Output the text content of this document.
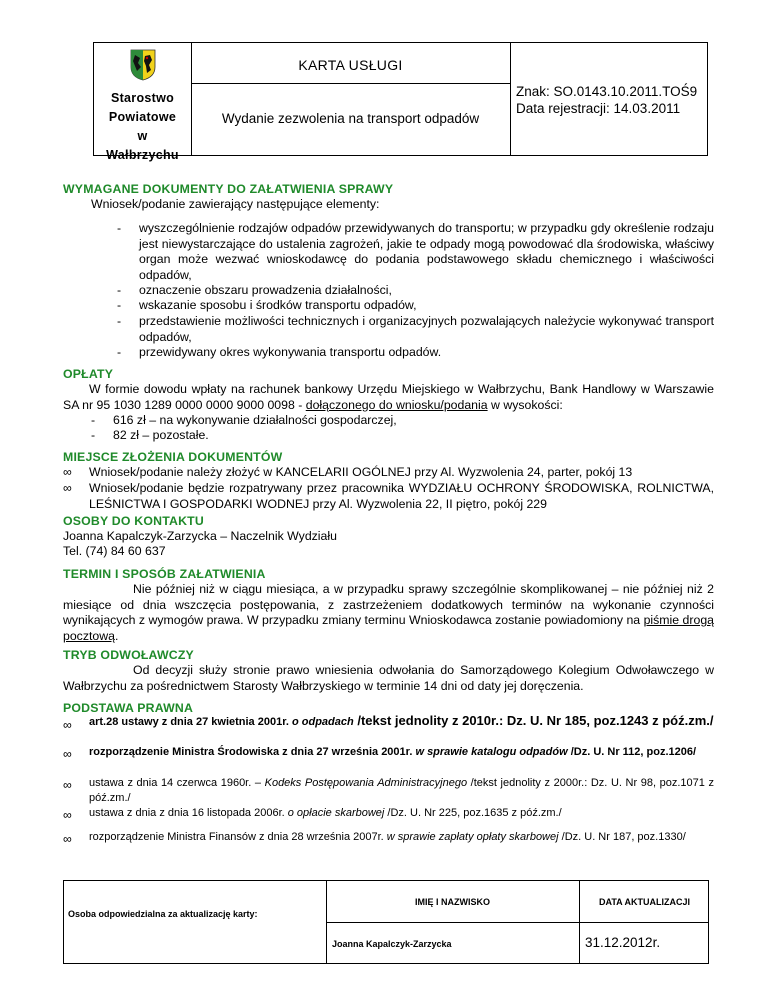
Starostwo
Powiatowe
w
Wałbrzychu
KARTA USŁUGI
Wydanie zezwolenia na transport odpadów
Znak: SO.0143.10.2011.TOŚ9
Data rejestracji: 14.03.2011
WYMAGANE DOKUMENTY DO ZAŁATWIENIA SPRAWY
Wniosek/podanie zawierający następujące elementy:
- wyszczególnienie rodzajów odpadów przewidywanych do transportu; w przypadku gdy określenie rodzaju jest niewystarczające do ustalenia zagrożeń, jakie te odpady mogą powodować dla środowiska, właściwy organ może wezwać wnioskodawcę do podania podstawowego składu chemicznego i właściwości odpadów,
- oznaczenie obszaru prowadzenia działalności,
- wskazanie sposobu i środków transportu odpadów,
- przedstawienie możliwości technicznych i organizacyjnych pozwalających należycie wykonywać transport odpadów,
- przewidywany okres wykonywania transportu odpadów.
OPŁATY
W formie dowodu wpłaty na rachunek bankowy Urzędu Miejskiego w Wałbrzychu, Bank Handlowy w Warszawie SA nr 95 1030 1289 0000 0000 9000 0098 - dołączonego do wniosku/podania w wysokości:
- 616 zł – na wykonywanie działalności gospodarczej,
- 82 zł – pozostałe.
MIEJSCE ZŁOŻENIA DOKUMENTÓW
∞ Wniosek/podanie należy złożyć w KANCELARII OGÓLNEJ przy Al. Wyzwolenia 24, parter, pokój 13
∞ Wniosek/podanie będzie rozpatrywany przez pracownika WYDZIAŁU OCHRONY ŚRODOWISKA, ROLNICTWA, LEŚNICTWA I GOSPODARKI WODNEJ przy Al. Wyzwolenia 22, II piętro, pokój 229
OSOBY DO KONTAKTU
Joanna Kapalczyk-Zarzycka – Naczelnik Wydziału
Tel. (74) 84 60 637
TERMIN I SPOSÓB ZAŁATWIENIA
Nie później niż w ciągu miesiąca, a w przypadku sprawy szczególnie skomplikowanej – nie później niż 2 miesiące od dnia wszczęcia postępowania, z zastrzeżeniem dodatkowych terminów na wykonanie czynności wynikających z wymogów prawa. W przypadku zmiany terminu Wnioskodawca zostanie powiadomiony na piśmie drogą pocztową.
TRYB ODWOŁAWCZY
Od decyzji służy stronie prawo wniesienia odwołania do Samorządowego Kolegium Odwoławczego w Wałbrzychu za pośrednictwem Starosty Wałbrzyskiego w terminie 14 dni od daty jej doręczenia.
PODSTAWA PRAWNA
∞ art.28 ustawy z dnia 27 kwietnia 2001r. o odpadach /tekst jednolity z 2010r.: Dz. U. Nr 185, poz.1243 z póź.zm./
∞ rozporządzenie Ministra Środowiska z dnia 27 września 2001r. w sprawie katalogu odpadów /Dz. U. Nr 112, poz.1206/
∞ ustawa z dnia 14 czerwca 1960r. – Kodeks Postępowania Administracyjnego /tekst jednolity z 2000r.: Dz. U. Nr 98, poz.1071 z póź.zm./
∞ ustawa z dnia z dnia 16 listopada 2006r. o opłacie skarbowej /Dz. U. Nr 225, poz.1635 z póź.zm./
∞ rozporządzenie Ministra Finansów z dnia 28 września 2007r. w sprawie zapłaty opłaty skarbowej /Dz. U. Nr 187, poz.1330/
Osoba odpowiedzialna za aktualizację karty:
IMIĘ I NAZWISKO	DATA AKTUALIZACJI
Joanna Kapalczyk-Zarzycka	31.12.2012r.
